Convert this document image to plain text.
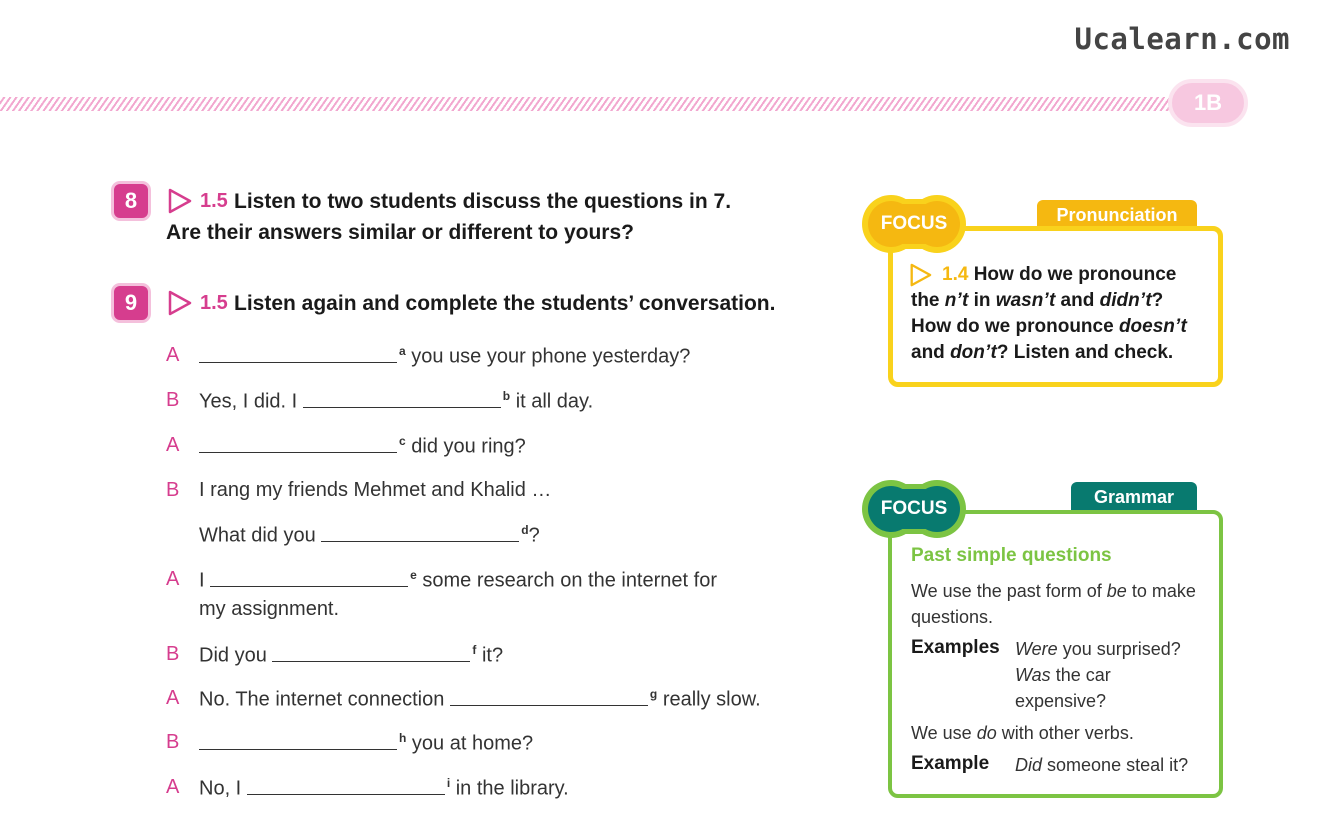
Ucalearn.com
1B
8	1.5 Listen to two students discuss the questions in 7.
Are their answers similar or different to yours?
9	1.5 Listen again and complete the students’ conversation.
A	$^a$ you use your phone yesterday?
B Yes, I did. I	$^b$ it all day.
A	$^c$ did you ring?
B I rang my friends Mehmet and Khalid …
What did you	$^d$?
A I	$^e$ some research on the internet for
my assignment.
B Did you	$^f$ it?
A No. The internet connection	$^g$ really slow.
B	$^h$ you at home?
A No, I	$^i$ in the library.
Pronunciation
FOCUS
1.4 How do we pronounce
the n’t in wasn’t and didn’t?
How do we pronounce doesn’t
and don’t? Listen and check.
Grammar
FOCUS
Past simple questions
We use the past form of be to make
questions.
Examples Were you surprised?
Was the car
expensive?
We use do with other verbs.
Example Did someone steal it?
